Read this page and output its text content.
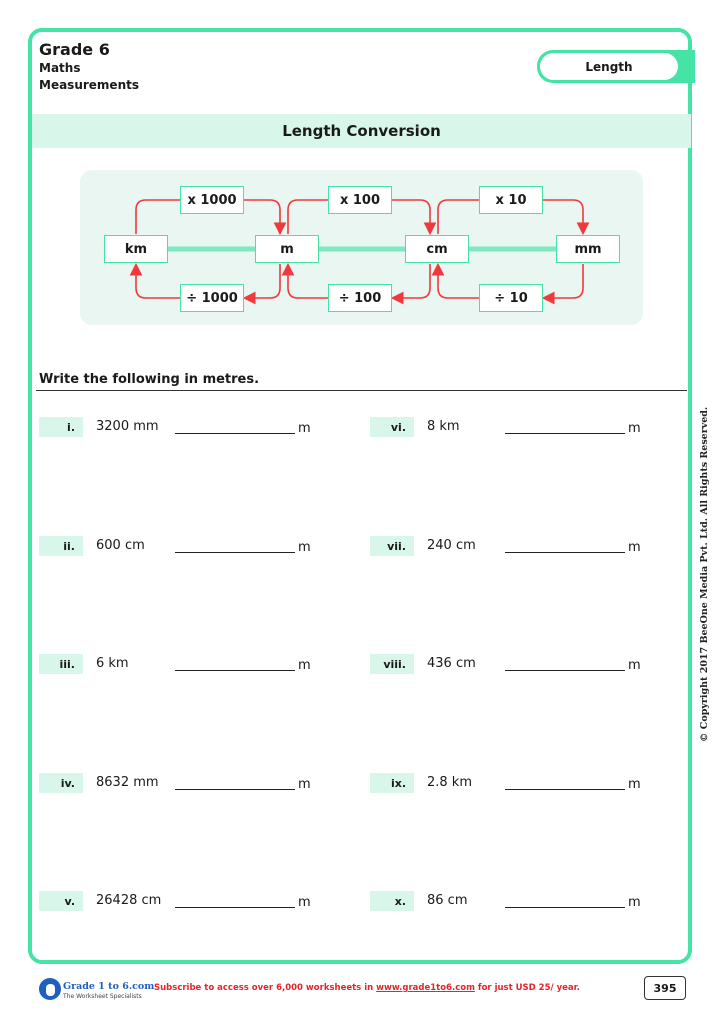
Grade 6
Maths
Measurements
Length
Length Conversion
km	m	cm	mm
x 1000	x 100	x 10
÷ 1000	÷ 100	÷ 10
Write the following in metres.
i.	3200 mm	m
ii.	600 cm	m
iii.	6 km	m
iv.	8632 mm	m
v.	26428 cm	m
vi.	8 km	m
vii.	240 cm	m
viii.	436 cm	m
ix.	2.8 km	m
x.	86 cm	m
© Copyright 2017 BeeOne Media Pvt. Ltd. All Rights Reserved.
Grade 1 to 6.com
The Worksheet Specialists
Subscribe to access over 6,000 worksheets in www.grade1to6.com for just USD 25/ year.	395
